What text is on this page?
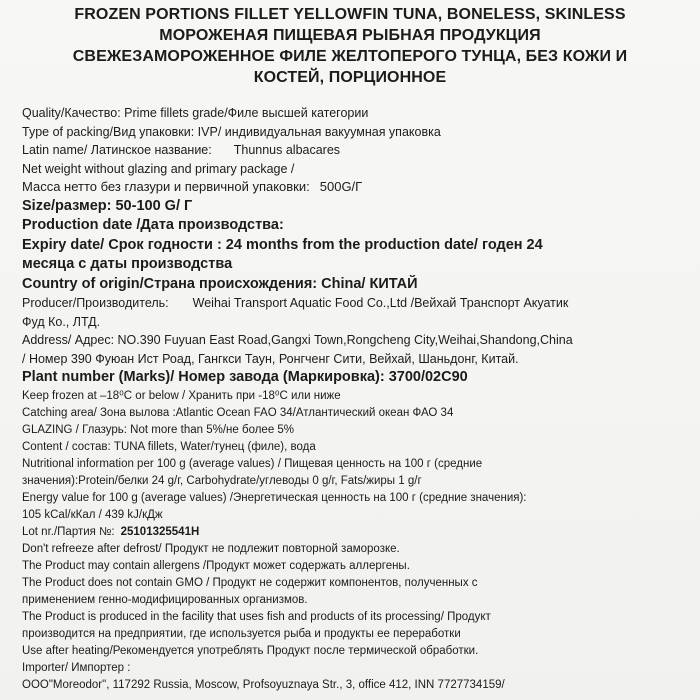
FROZEN PORTIONS FILLET YELLOWFIN TUNA, BONELESS, SKINLESS
МОРОЖЕНАЯ ПИЩЕВАЯ РЫБНАЯ ПРОДУКЦИЯ
СВЕЖЕЗАМОРОЖЕННОЕ ФИЛЕ ЖЕЛТОПЕРОГО ТУНЦА, БЕЗ КОЖИ И
КОСТЕЙ, ПОРЦИОННОЕ
Quality/Качество: Prime fillets grade/Филе высшей категории
Type of packing/Вид упаковки: IVP/ индивидуальная вакуумная упаковка
Latin name/ Латинское название: Thunnus albacares
Net weight without glazing and primary package /
Масса нетто без глазури и первичной упаковки: 500G/Г
Size/размер: 50-100 G/ Г
Production date /Дата производства:
Expiry date/ Срок годности : 24 months from the production date/ годен 24
месяца с даты производства
Country of origin/Страна происхождения: China/ КИТАЙ
Producer/Производитель: Weihai Transport Aquatic Food Co.,Ltd /Вейхай Транспорт Акуатик
Фуд Ко., ЛТД.
Address/ Адрес: NO.390 Fuyuan East Road,Gangxi Town,Rongcheng City,Weihai,Shandong,China
/ Номер 390 Фуюан Ист Роад, Гангкси Таун, Ронгченг Сити, Вейхай, Шаньдонг, Китай.
Plant number (Marks)/ Номер завода (Маркировка): 3700/02C90
Keep frozen at –18⁰C or below / Хранить при -18⁰С или ниже
Catching area/ Зона вылова :Atlantic Ocean FAO 34/Атлантический океан ФАО 34
GLAZING / Глазурь: Not more than 5%/не более 5%
Content / состав: TUNA fillets, Water/тунец (филе), вода
Nutritional information per 100 g (average values) / Пищевая ценность на 100 г (средние
значения):Protein/белки 24 g/г, Carbohydrate/углеводы 0 g/г, Fats/жиры 1 g/г
Energy value for 100 g (average values) /Энергетическая ценность на 100 г (средние значения):
105 kCal/кКал / 439 kJ/кДж
Lot nr./Партия №: 25101325541H
Don't refreeze after defrost/ Продукт не подлежит повторной заморозке.
The Product may contain allergens /Продукт может содержать аллергены.
The Product does not contain GMO / Продукт не содержит компонентов, полученных с
применением генно-модифицированных организмов.
The Product is produced in the facility that uses fish and products of its processing/ Продукт
производится на предприятии, где используется рыба и продукты ее переработки
Use after heating/Рекомендуется употреблять Продукт после термической обработки.
Importer/ Импортер :
OOO"Moreodor", 117292 Russia, Moscow, Profsoyuznaya Str., 3, office 412, INN 7727734159/
